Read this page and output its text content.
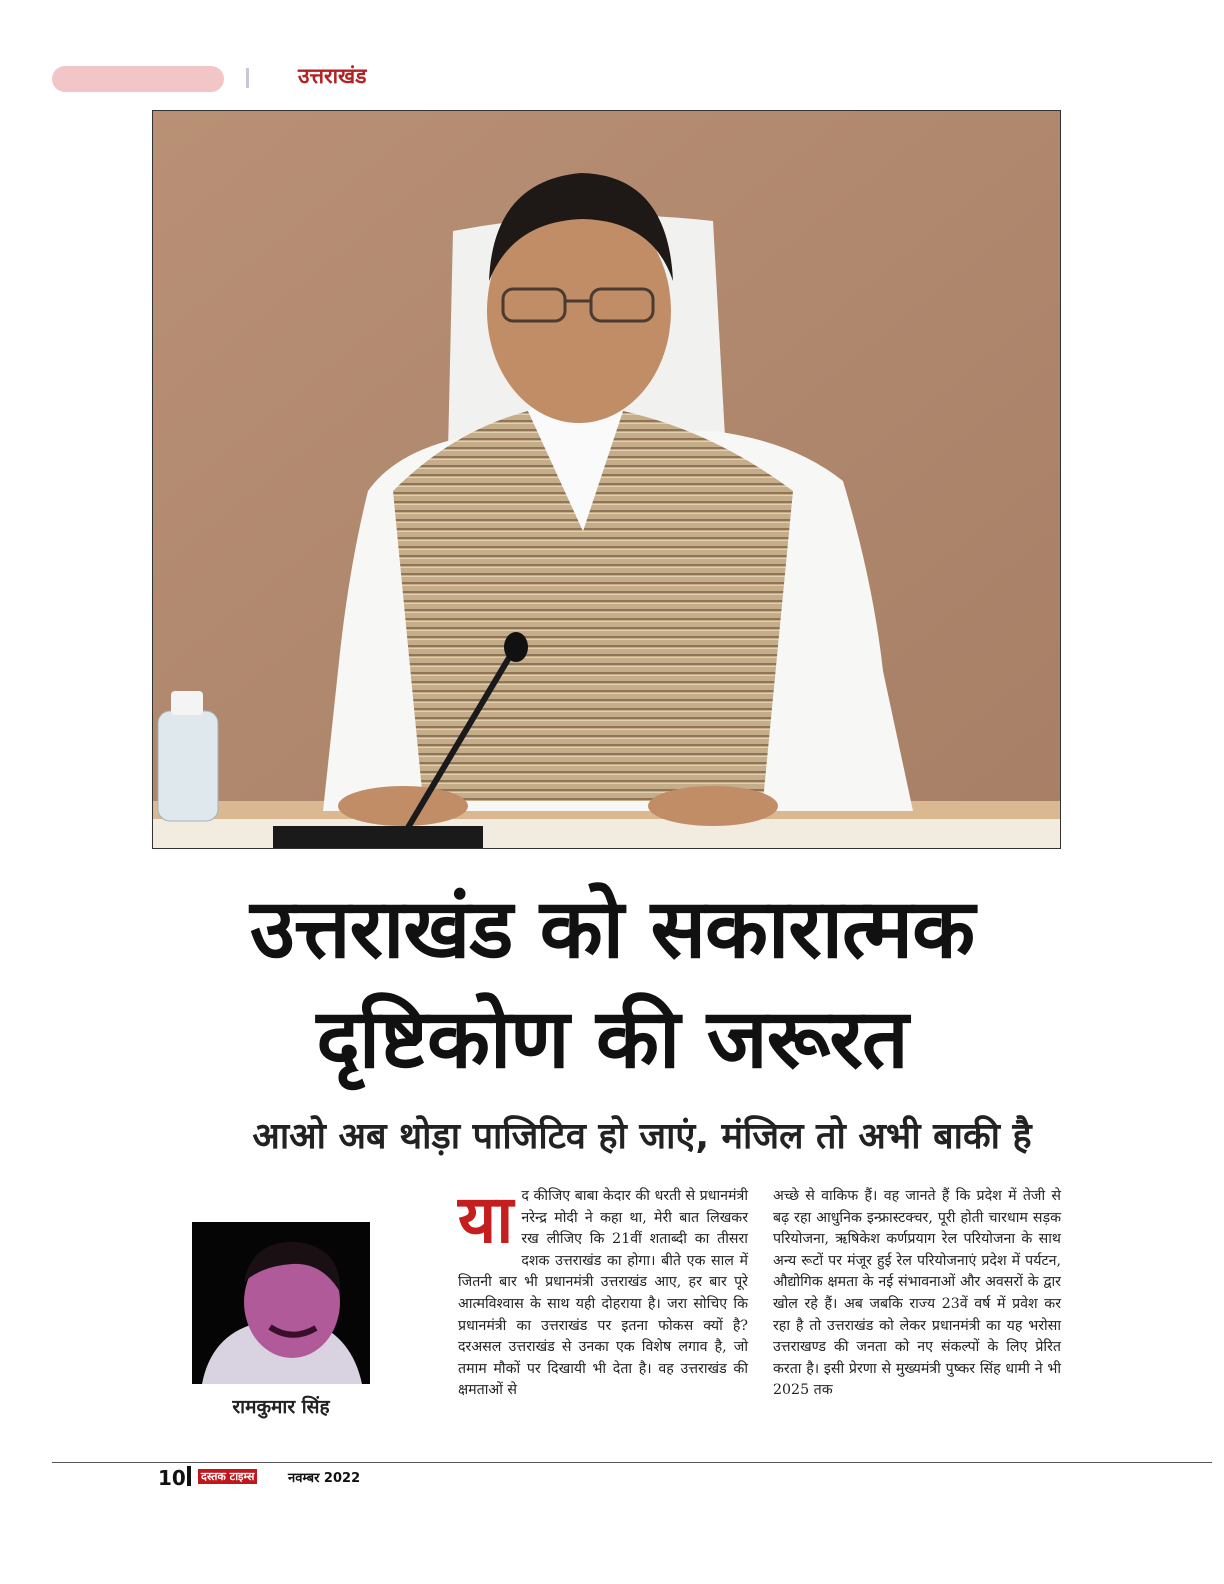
उत्तराखंड
उत्तराखंड को सकारात्मक
दृष्टिकोण की जरूरत
आओ अब थोड़ा पाजिटिव हो जाएं, मंजिल तो अभी बाकी है
रामकुमार सिंह
या द कीजिए बाबा केदार की धरती से प्रधानमंत्री नरेन्द्र मोदी ने कहा था, मेरी बात लिखकर रख लीजिए कि 21वीं शताब्दी का तीसरा दशक उत्तराखंड का होगा। बीते एक साल में जितनी बार भी प्रधानमंत्री उत्तराखंड आए, हर बार पूरे आत्मविश्वास के साथ यही दोहराया है। जरा सोचिए कि प्रधानमंत्री का उत्तराखंड पर इतना फोकस क्यों है? दरअसल उत्तराखंड से उनका एक विशेष लगाव है, जो तमाम मौकों पर दिखायी भी देता है। वह उत्तराखंड की क्षमताओं से
अच्छे से वाकिफ हैं। वह जानते हैं कि प्रदेश में तेजी से बढ़ रहा आधुनिक इन्फ्रास्टक्चर, पूरी होती चारधाम सड़क परियोजना, ऋषिकेश कर्णप्रयाग रेल परियोजना के साथ अन्य रूटों पर मंजूर हुई रेल परियोजनाएं प्रदेश में पर्यटन, औद्योगिक क्षमता के नई संभावनाओं और अवसरों के द्वार खोल रहे हैं। अब जबकि राज्य 23वें वर्ष में प्रवेश कर रहा है तो उत्तराखंड को लेकर प्रधानमंत्री का यह भरोसा उत्तराखण्ड की जनता को नए संकल्पों के लिए प्रेरित करता है। इसी प्रेरणा से मुख्यमंत्री पुष्कर सिंह धामी ने भी 2025 तक
10 दस्तक टाइम्स	नवम्बर 2022
